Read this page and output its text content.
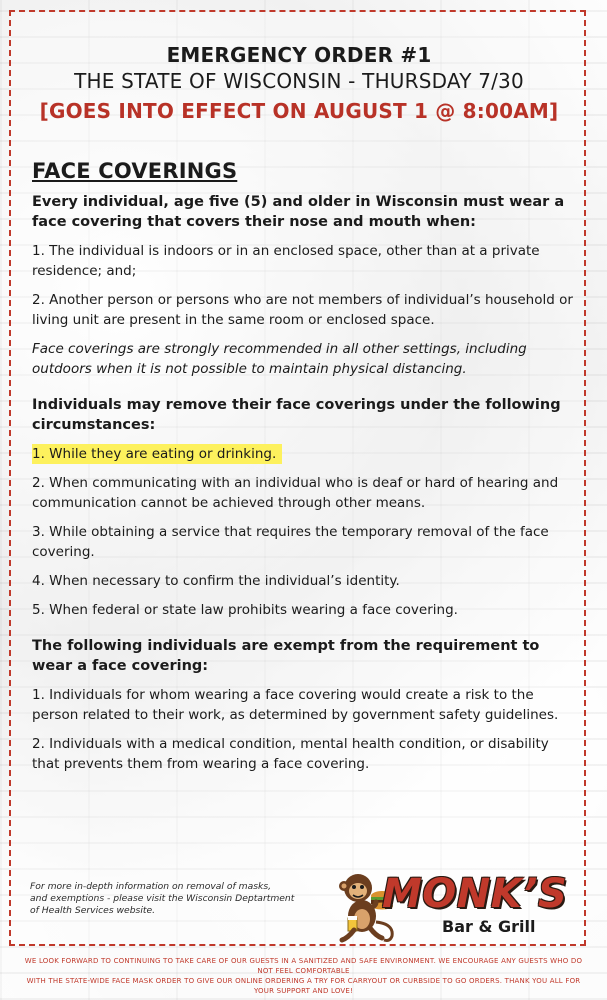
EMERGENCY ORDER #1
THE STATE OF WISCONSIN - THURSDAY 7/30
[GOES INTO EFFECT ON AUGUST 1 @ 8:00AM]
FACE COVERINGS
Every individual, age five (5) and older in Wisconsin must wear a face covering that covers their nose and mouth when:
1. The individual is indoors or in an enclosed space, other than at a private residence; and;
2. Another person or persons who are not members of individual’s household or living unit are present in the same room or enclosed space.
Face coverings are strongly recommended in all other settings, including outdoors when it is not possible to maintain physical distancing.
Individuals may remove their face coverings under the following circumstances:
1. While they are eating or drinking.
2. When communicating with an individual who is deaf or hard of hearing and communication cannot be achieved through other means.
3. While obtaining a service that requires the temporary removal of the face covering.
4. When necessary to confirm the individual’s identity.
5. When federal or state law prohibits wearing a face covering.
The following individuals are exempt from the requirement to wear a face covering:
1. Individuals for whom wearing a face covering would create a risk to the person related to their work, as determined by government safety guidelines.
2. Individuals with a medical condition, mental health condition, or disability that prevents them from wearing a face covering.
For more in-depth information on removal of masks,
and exemptions - please visit the Wisconsin Deptartment
of Health Services website.	MONK’S
Bar & Grill
WE LOOK FORWARD TO CONTINUING TO TAKE CARE OF OUR GUESTS IN A SANITIZED AND SAFE ENVIRONMENT. WE ENCOURAGE ANY GUESTS WHO DO NOT FEEL COMFORTABLE
WITH THE STATE-WIDE FACE MASK ORDER TO GIVE OUR ONLINE ORDERING A TRY FOR CARRYOUT OR CURBSIDE TO GO ORDERS. THANK YOU ALL FOR YOUR SUPPORT AND LOVE!
